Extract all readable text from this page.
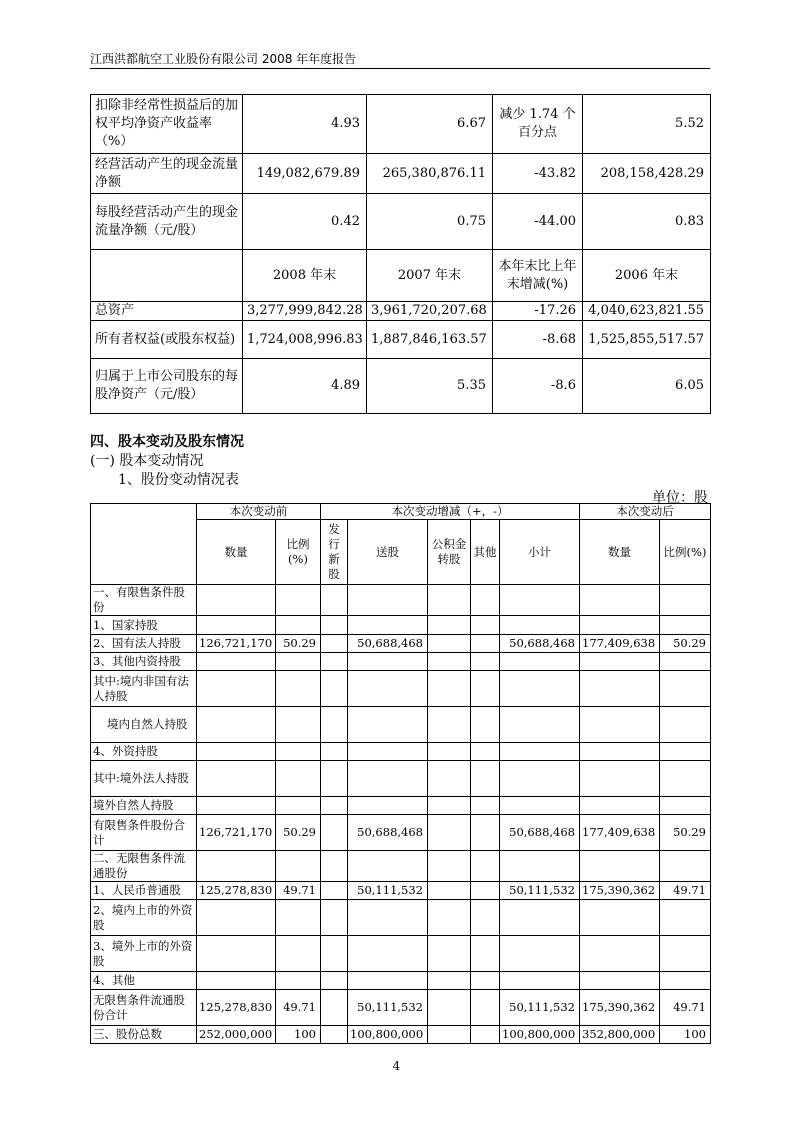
江西洪都航空工业股份有限公司 2008 年年度报告
扣除非经常性损益后的加权平均净资产收益率（%）	4.93	6.67	减少 1.74 个百分点	5.52
经营活动产生的现金流量净额	149,082,679.89	265,380,876.11	-43.82	208,158,428.29
每股经营活动产生的现金流量净额（元/股）	0.42	0.75	-44.00	0.83
	2008 年末	2007 年末	本年末比上年末增减(%)	2006 年末
总资产	3,277,999,842.28	3,961,720,207.68	-17.26	4,040,623,821.55
所有者权益(或股东权益)	1,724,008,996.83	1,887,846,163.57	-8.68	1,525,855,517.57
归属于上市公司股东的每股净资产（元/股）	4.89	5.35	-8.6	6.05
四、股本变动及股东情况
(一) 股本变动情况
1、股份变动情况表
单位：股
	本次变动前		本次变动增减（+，-）					本次变动后	
	数量	比例(%)	发行新股	送股	公积金转股	其他	小计	数量	比例(%)
一、有限售条件股份									
1、国家持股									
2、国有法人持股	126,721,170	50.29		50,688,468			50,688,468	177,409,638	50.29
3、其他内资持股									
其中:境内非国有法人持股									
境内自然人持股									
4、外资持股									
其中:境外法人持股									
境外自然人持股									
有限售条件股份合计	126,721,170	50.29		50,688,468			50,688,468	177,409,638	50.29
二、无限售条件流通股份									
1、人民币普通股	125,278,830	49.71		50,111,532			50,111,532	175,390,362	49.71
2、境内上市的外资股									
3、境外上市的外资股									
4、其他									
无限售条件流通股份合计	125,278,830	49.71		50,111,532			50,111,532	175,390,362	49.71
三、股份总数	252,000,000	100		100,800,000			100,800,000	352,800,000	100
4
